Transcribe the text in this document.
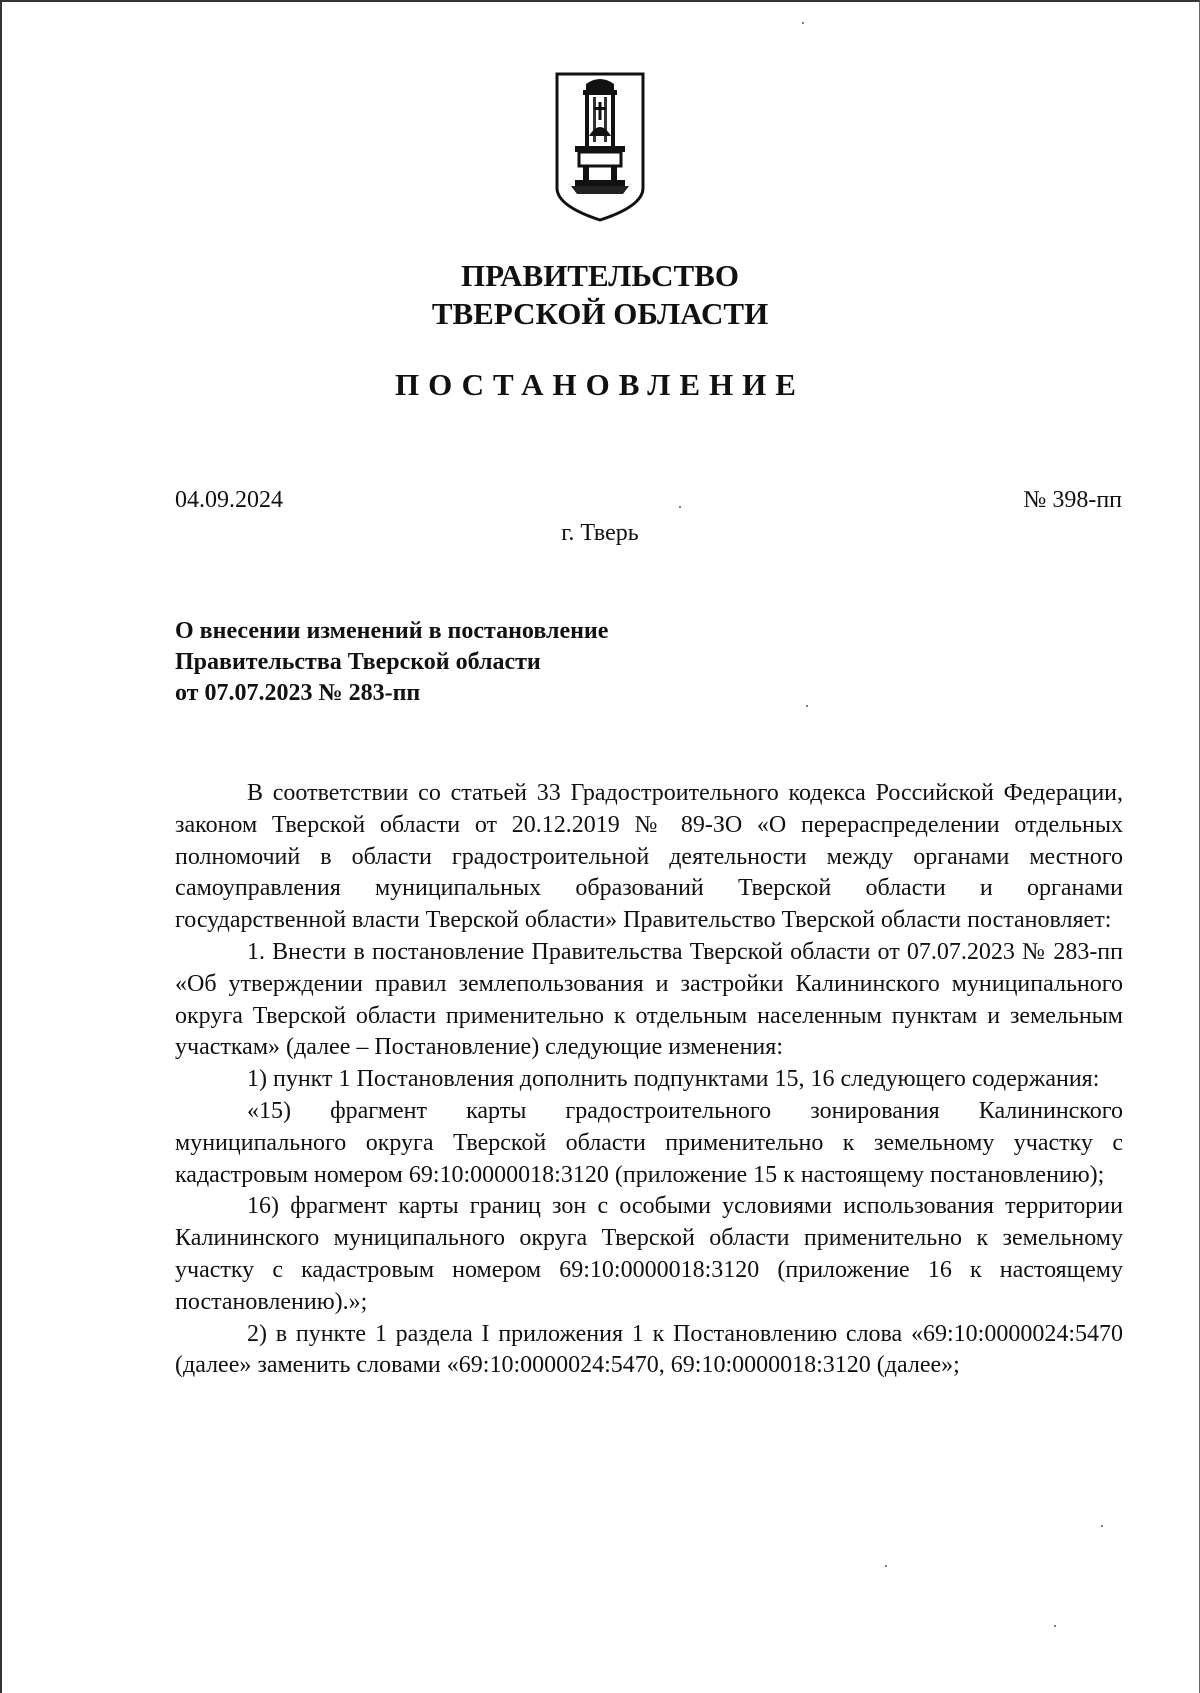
ПРАВИТЕЛЬСТВО
ТВЕРСКОЙ ОБЛАСТИ
ПОСТАНОВЛЕНИЕ
04.09.2024	№ 398-пп
г. Тверь
О внесении изменений в постановление
Правительства Тверской области
от 07.07.2023 № 283-пп

В соответствии со статьей 33 Градостроительного кодекса Российской Федерации, законом Тверской области от 20.12.2019 № 89-ЗО «О перераспределении отдельных полномочий в области градостроительной деятельности между органами местного самоуправления муниципальных образований Тверской области и органами государственной власти Тверской области» Правительство Тверской области постановляет:

1. Внести в постановление Правительства Тверской области от 07.07.2023 № 283-пп «Об утверждении правил землепользования и застройки Калининского муниципального округа Тверской области применительно к отдельным населенным пунктам и земельным участкам» (далее – Постановление) следующие изменения:

1) пункт 1 Постановления дополнить подпунктами 15, 16 следующего содержания:

«15) фрагмент карты градостроительного зонирования Калининского муниципального округа Тверской области применительно к земельному участку с кадастровым номером 69:10:0000018:3120 (приложение 15 к настоящему постановлению);

16) фрагмент карты границ зон с особыми условиями использования территории Калининского муниципального округа Тверской области применительно к земельному участку с кадастровым номером 69:10:0000018:3120 (приложение 16 к настоящему постановлению).»;

2) в пункте 1 раздела I приложения 1 к Постановлению слова «69:10:0000024:5470 (далее» заменить словами «69:10:0000024:5470, 69:10:0000018:3120 (далее»;
